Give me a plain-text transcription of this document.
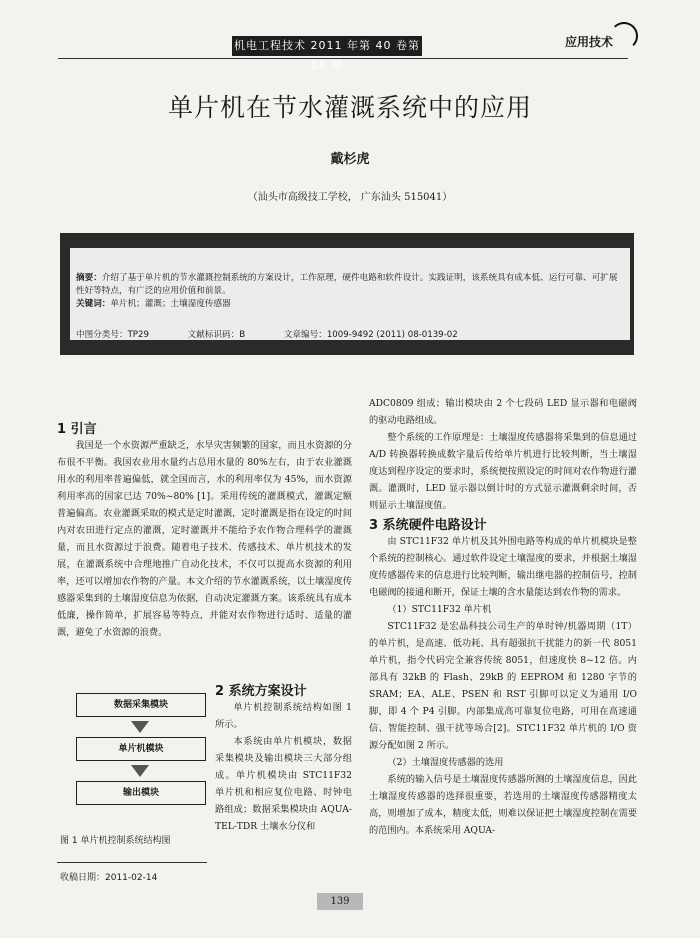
机电工程技术 2011 年第 40 卷第 08 期
应用技术
单片机在节水灌溉系统中的应用
戴杉虎
（汕头市高级技工学校， 广东汕头 515041）
摘要：介绍了基于单片机的节水灌溉控制系统的方案设计，工作原理，硬件电路和软件设计。实践证明，该系统具有成本低、运行可靠、可扩展性好等特点，有广泛的应用价值和前景。
关键词：单片机；灌溉；土壤湿度传感器
中图分类号：TP29	文献标识码：B	文章编号：1009-9492 (2011) 08-0139-02
1 引言

我国是一个水资源严重缺乏，水旱灾害频繁的国家，而且水资源的分布很不平衡。我国农业用水量约占总用水量的 80%左右，由于农业灌溉用水的利用率普遍偏低，就全国而言，水的利用率仅为 45%，而水资源利用率高的国家已达 70%~80% [1]。采用传统的灌溉模式，灌溉定额普遍偏高。农业灌溉采取的模式是定时灌溉，定时灌溉是指在设定的时间内对农田进行定点的灌溉，定时灌溉并不能给予农作物合理科学的灌溉量，而且水资源过于浪费。随着电子技术、传感技术、单片机技术的发展，在灌溉系统中合理地推广自动化技术，不仅可以提高水资源的利用率，还可以增加农作物的产量。本文介绍的节水灌溉系统，以土壤湿度传感器采集到的土壤湿度信息为依据，自动决定灌溉方案。该系统具有成本低廉，操作简单，扩展容易等特点，并能对农作物进行适时、适量的灌溉，避免了水资源的浪费。

数据采集模块
单片机模块
输出模块
图 1 单片机控制系统结构图
2 系统方案设计

单片机控制系统结构如图 1 所示。

本系统由单片机模块，数据采集模块及输出模块三大部分组成。单片机模块由 STC11F32 单片机和相应复位电路、时钟电路组成；数据采集模块由 AQUA-TEL-TDR 土壤水分仪和

ADC0809 组成；输出模块由 2 个七段码 LED 显示器和电磁阀的驱动电路组成。

整个系统的工作原理是：土壤湿度传感器将采集到的信息通过 A/D 转换器转换成数字量后传给单片机进行比较判断，当土壤湿度达到程序设定的要求时，系统便按照设定的时间对农作物进行灌溉。灌溉时，LED 显示器以倒计时的方式显示灌溉剩余时间，否则显示土壤湿度值。

3 系统硬件电路设计

由 STC11F32 单片机及其外围电路等构成的单片机模块是整个系统的控制核心。通过软件设定土壤湿度的要求，并根据土壤湿度传感器传来的信息进行比较判断，输出继电器的控制信号，控制电磁阀的接通和断开，保证土壤的含水量能达到农作物的需求。

（1）STC11F32 单片机

STC11F32 是宏晶科技公司生产的单时钟/机器周期（1T）的单片机，是高速、低功耗、具有超强抗干扰能力的新一代 8051 单片机，指令代码完全兼容传统 8051，但速度快 8~12 倍。内部具有 32kB 的 Flash、29kB 的 EEPROM 和 1280 字节的 SRAM；EA、ALE、PSEN 和 RST 引脚可以定义为通用 I/O 脚，即 4 个 P4 引脚。内部集成高可靠复位电路，可用在高速通信、智能控制、强干扰等场合[2]。STC11F32 单片机的 I/O 资源分配如图 2 所示。

（2）土壤湿度传感器的选用

系统的输入信号是土壤湿度传感器所测的土壤湿度信息，因此土壤湿度传感器的选择很重要，若选用的土壤湿度传感器精度太高，则增加了成本，精度太低，则难以保证把土壤湿度控制在需要的范围内。本系统采用 AQUA-

收稿日期：2011-02-14
139
